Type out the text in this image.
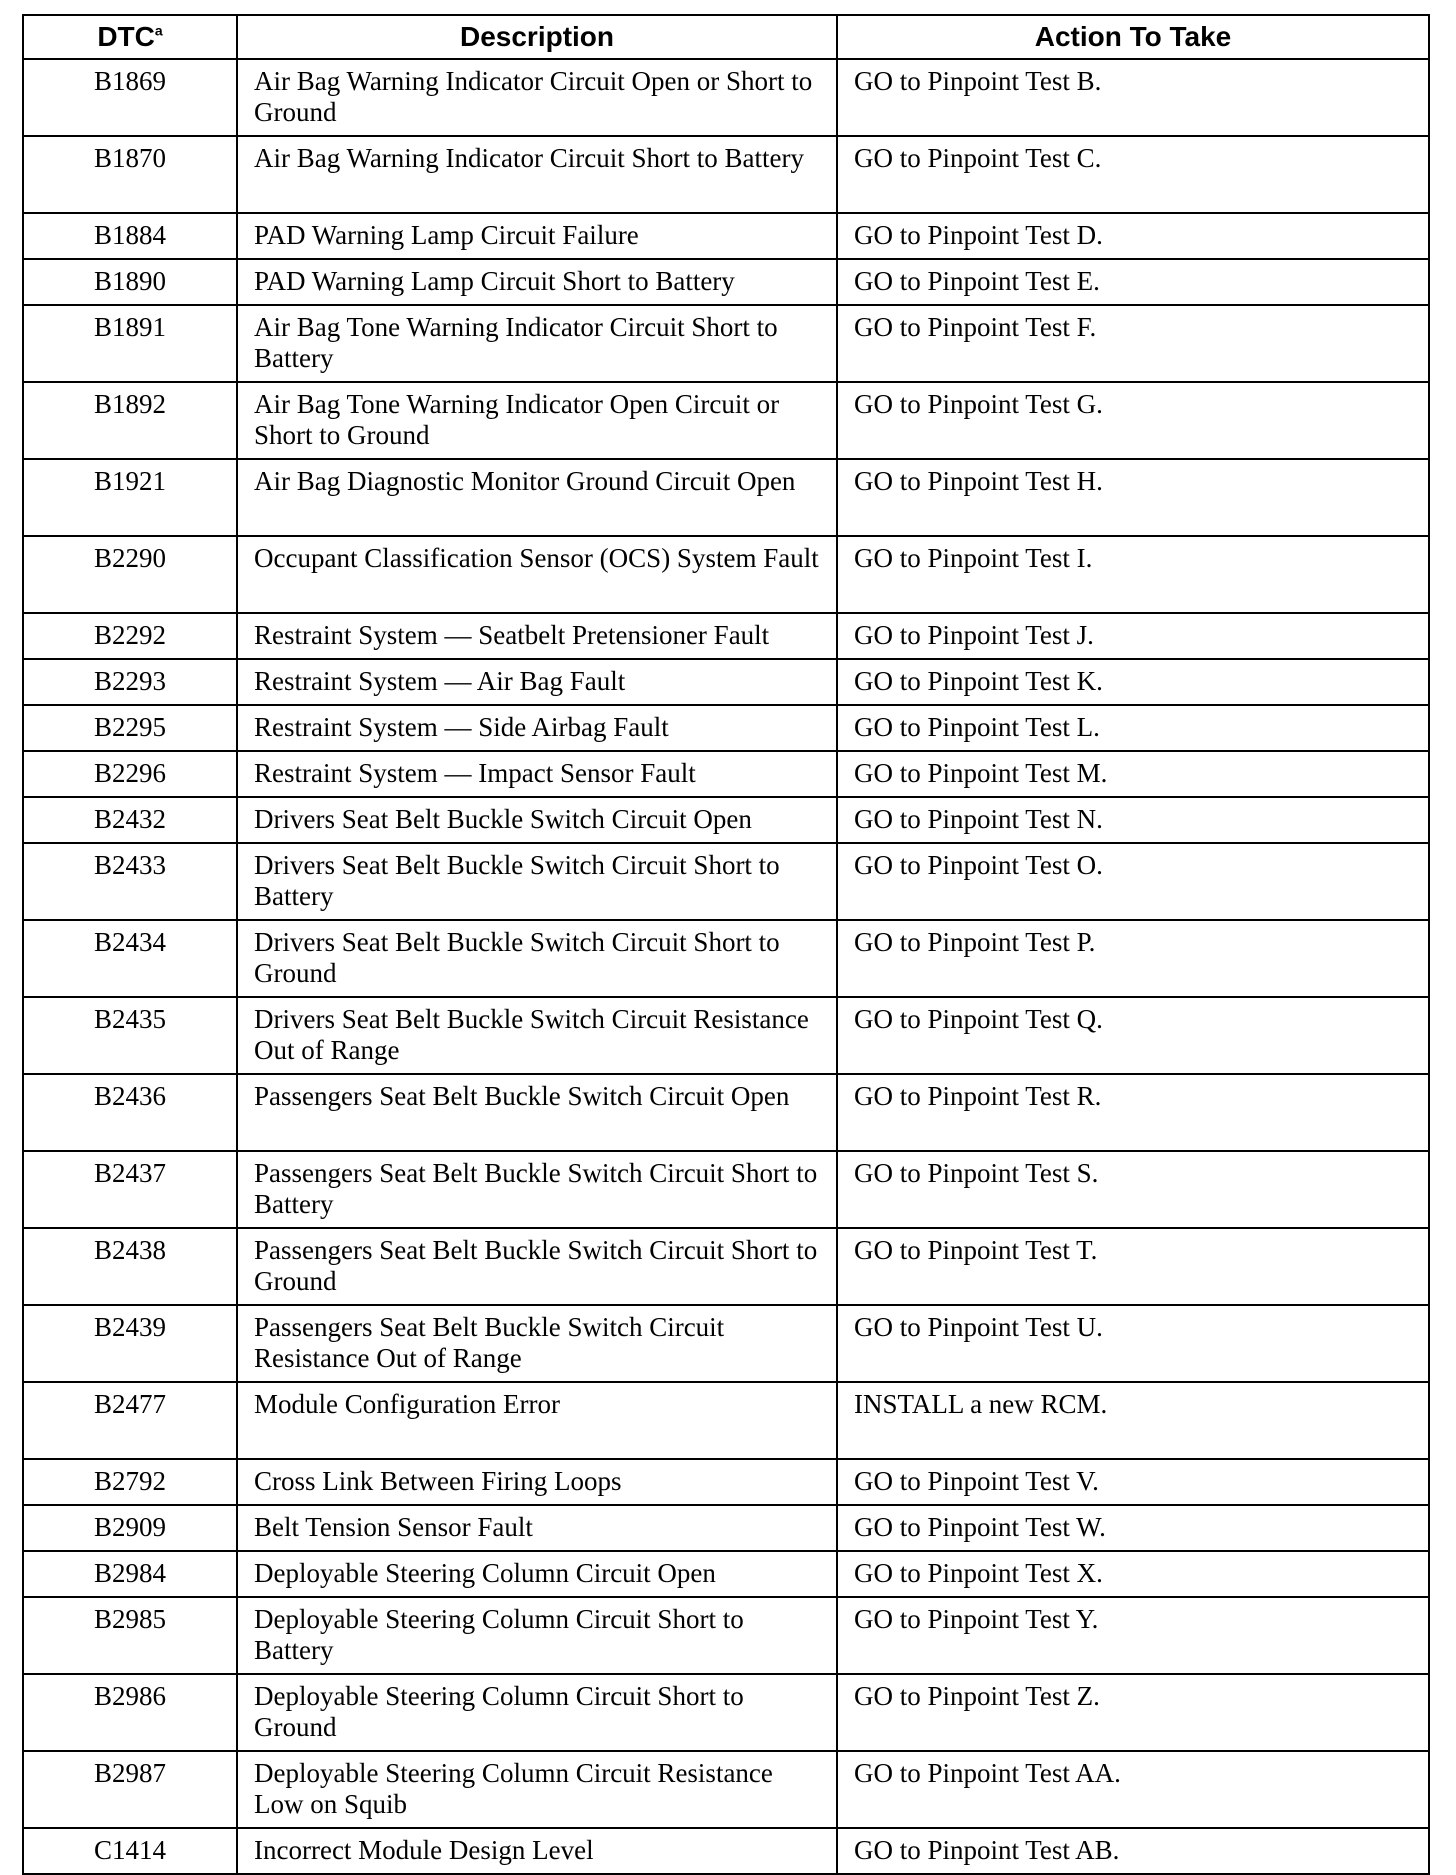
DTC$^a$	Description	Action To Take
B1869	Air Bag Warning Indicator Circuit Open or Short to Ground	GO to Pinpoint Test B.
B1870	Air Bag Warning Indicator Circuit Short to Battery	GO to Pinpoint Test C.
B1884	PAD Warning Lamp Circuit Failure	GO to Pinpoint Test D.
B1890	PAD Warning Lamp Circuit Short to Battery	GO to Pinpoint Test E.
B1891	Air Bag Tone Warning Indicator Circuit Short to Battery	GO to Pinpoint Test F.
B1892	Air Bag Tone Warning Indicator Open Circuit or Short to Ground	GO to Pinpoint Test G.
B1921	Air Bag Diagnostic Monitor Ground Circuit Open	GO to Pinpoint Test H.
B2290	Occupant Classification Sensor (OCS) System Fault	GO to Pinpoint Test I.
B2292	Restraint System — Seatbelt Pretensioner Fault	GO to Pinpoint Test J.
B2293	Restraint System — Air Bag Fault	GO to Pinpoint Test K.
B2295	Restraint System — Side Airbag Fault	GO to Pinpoint Test L.
B2296	Restraint System — Impact Sensor Fault	GO to Pinpoint Test M.
B2432	Drivers Seat Belt Buckle Switch Circuit Open	GO to Pinpoint Test N.
B2433	Drivers Seat Belt Buckle Switch Circuit Short to Battery	GO to Pinpoint Test O.
B2434	Drivers Seat Belt Buckle Switch Circuit Short to Ground	GO to Pinpoint Test P.
B2435	Drivers Seat Belt Buckle Switch Circuit Resistance Out of Range	GO to Pinpoint Test Q.
B2436	Passengers Seat Belt Buckle Switch Circuit Open	GO to Pinpoint Test R.
B2437	Passengers Seat Belt Buckle Switch Circuit Short to Battery	GO to Pinpoint Test S.
B2438	Passengers Seat Belt Buckle Switch Circuit Short to Ground	GO to Pinpoint Test T.
B2439	Passengers Seat Belt Buckle Switch Circuit Resistance Out of Range	GO to Pinpoint Test U.
B2477	Module Configuration Error	INSTALL a new RCM.
B2792	Cross Link Between Firing Loops	GO to Pinpoint Test V.
B2909	Belt Tension Sensor Fault	GO to Pinpoint Test W.
B2984	Deployable Steering Column Circuit Open	GO to Pinpoint Test X.
B2985	Deployable Steering Column Circuit Short to Battery	GO to Pinpoint Test Y.
B2986	Deployable Steering Column Circuit Short to Ground	GO to Pinpoint Test Z.
B2987	Deployable Steering Column Circuit Resistance Low on Squib	GO to Pinpoint Test AA.
C1414	Incorrect Module Design Level	GO to Pinpoint Test AB.
